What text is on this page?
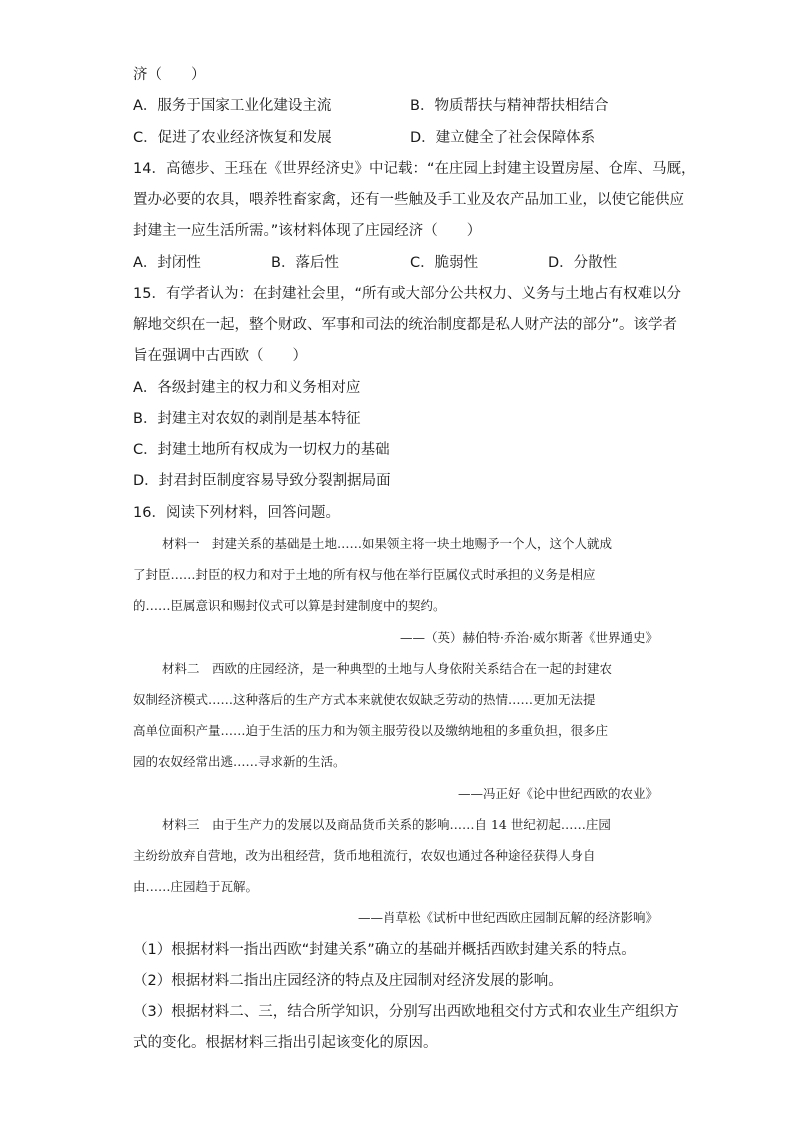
济（　　）
A．服务于国家工业化建设主流	B．物质帮扶与精神帮扶相结合
C．促进了农业经济恢复和发展	D．建立健全了社会保障体系
14．高德步、王珏在《世界经济史》中记载：“在庄园上封建主设置房屋、仓库、马厩，
置办必要的农具，喂养牲畜家禽，还有一些触及手工业及农产品加工业，以使它能供应
封建主一应生活所需。”该材料体现了庄园经济（　　）
A．封闭性	B．落后性	C．脆弱性	D．分散性
15．有学者认为：在封建社会里，“所有或大部分公共权力、义务与土地占有权难以分
解地交织在一起，整个财政、军事和司法的统治制度都是私人财产法的部分”。该学者
旨在强调中古西欧（　　）
A．各级封建主的权力和义务相对应
B．封建主对农奴的剥削是基本特征
C．封建土地所有权成为一切权力的基础
D．封君封臣制度容易导致分裂割据局面
16．阅读下列材料，回答问题。
材料一　封建关系的基础是土地……如果领主将一块土地赐予一个人，这个人就成
了封臣……封臣的权力和对于土地的所有权与他在举行臣属仪式时承担的义务是相应
的……臣属意识和赐封仪式可以算是封建制度中的契约。
——（英）赫伯特·乔治·威尔斯著《世界通史》
材料二　西欧的庄园经济，是一种典型的土地与人身依附关系结合在一起的封建农
奴制经济模式……这种落后的生产方式本来就使农奴缺乏劳动的热情……更加无法提
高单位面积产量……迫于生活的压力和为领主服劳役以及缴纳地租的多重负担，很多庄
园的农奴经常出逃……寻求新的生活。
——冯正好《论中世纪西欧的农业》
材料三　由于生产力的发展以及商品货币关系的影响……自 14 世纪初起……庄园
主纷纷放弃自营地，改为出租经营，货币地租流行，农奴也通过各种途径获得人身自
由……庄园趋于瓦解。
——肖草松《试析中世纪西欧庄园制瓦解的经济影响》
（1）根据材料一指出西欧“封建关系”确立的基础并概括西欧封建关系的特点。
（2）根据材料二指出庄园经济的特点及庄园制对经济发展的影响。
（3）根据材料二、三，结合所学知识，分别写出西欧地租交付方式和农业生产组织方
式的变化。根据材料三指出引起该变化的原因。
